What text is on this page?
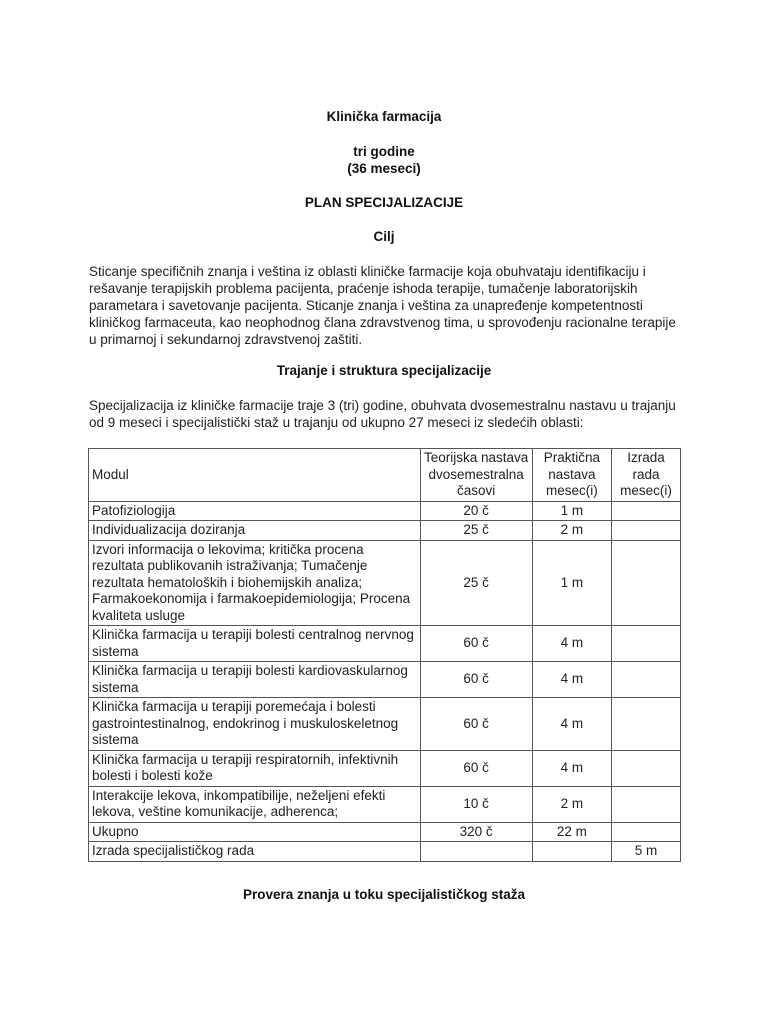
Klinička farmacija
tri godine
(36 meseci)
PLAN SPECIJALIZACIJE
Cilj
Sticanje specifičnih znanja i veština iz oblasti kliničke farmacije koja obuhvataju identifikaciju i rešavanje terapijskih problema pacijenta, praćenje ishoda terapije, tumačenje laboratorijskih parametara i savetovanje pacijenta. Sticanje znanja i veština za unapređenje kompetentnosti kliničkog farmaceuta, kao neophodnog člana zdravstvenog tima, u sprovođenju racionalne terapije u primarnoj i sekundarnoj zdravstvenoj zaštiti.
Trajanje i struktura specijalizacije
Specijalizacija iz kliničke farmacije traje 3 (tri) godine, obuhvata dvosemestralnu nastavu u trajanju od 9 meseci i specijalistički staž u trajanju od ukupno 27 meseci iz sledećih oblasti:
Modul	Teorijska nastava dvosemestralna časovi	Praktična nastava mesec(i)	Izrada rada mesec(i)
Patofiziologija	20 č	1 m	
Individualizacija doziranja	25 č	2 m	
Izvori informacija o lekovima; kritička procena rezultata publikovanih istraživanja; Tumačenje rezultata hematoloških i biohemijskih analiza; Farmakoekonomija i farmakoepidemiologija; Procena kvaliteta usluge	25 č	1 m	
Klinička farmacija u terapiji bolesti centralnog nervnog sistema	60 č	4 m	
Klinička farmacija u terapiji bolesti kardiovaskularnog sistema	60 č	4 m	
Klinička farmacija u terapiji poremećaja i bolesti gastrointestinalnog, endokrinog i muskuloskeletnog sistema	60 č	4 m	
Klinička farmacija u terapiji respiratornih, infektivnih bolesti i bolesti kože	60 č	4 m	
Interakcije lekova, inkompatibilije, neželjeni efekti lekova, veštine komunikacije, adherenca;	10 č	2 m	
Ukupno	320 č	22 m	
Izrada specijalističkog rada			5 m
Provera znanja u toku specijalističkog staža
